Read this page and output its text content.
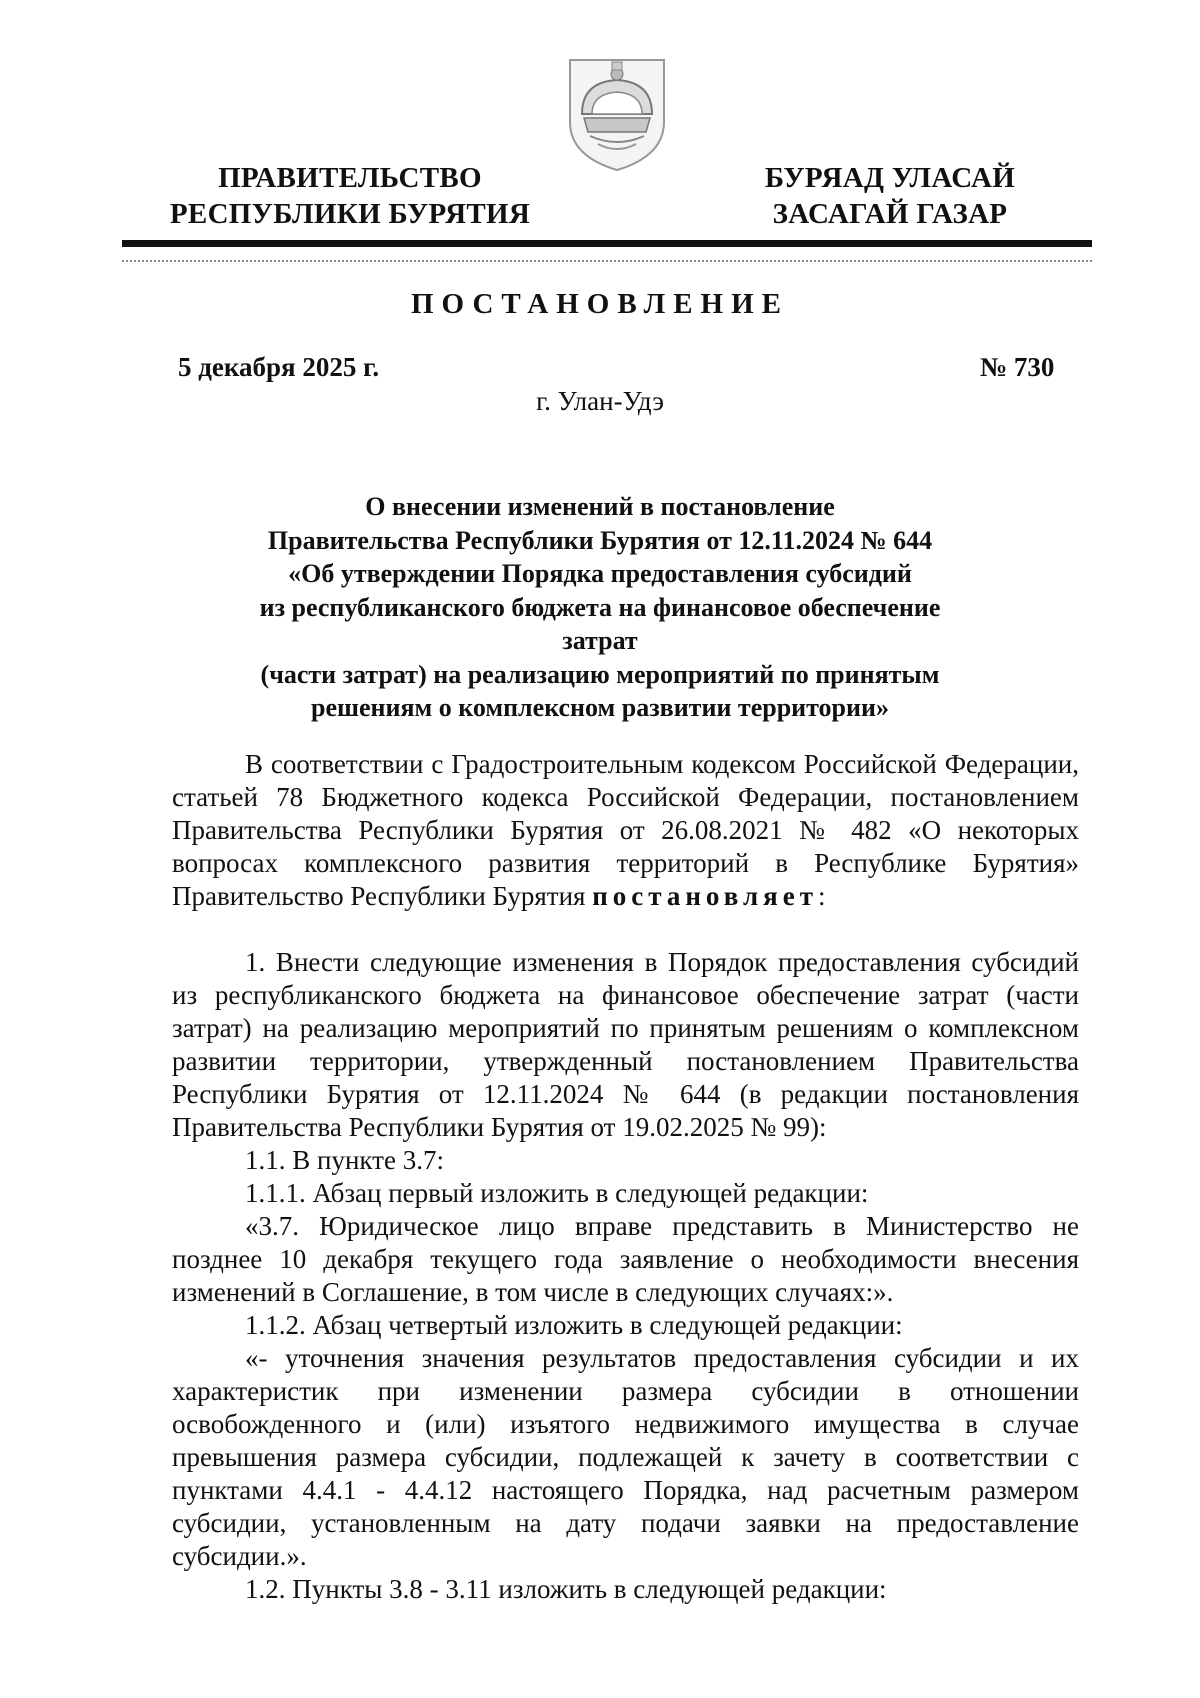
ПРАВИТЕЛЬСТВО
РЕСПУБЛИКИ БУРЯТИЯ
БУРЯАД УЛАСАЙ
ЗАСАГАЙ ГАЗАР
ПОСТАНОВЛЕНИЕ
5 декабря 2025 г.	№ 730
г. Улан-Удэ
О внесении изменений в постановление
Правительства Республики Бурятия от 12.11.2024 № 644
«Об утверждении Порядка предоставления субсидий
из республиканского бюджета на финансовое обеспечение затрат
(части затрат) на реализацию мероприятий по принятым
решениям о комплексном развитии территории»

В соответствии с Градостроительным кодексом Российской Федерации, статьей 78 Бюджетного кодекса Российской Федерации, постановлением Правительства Республики Бурятия от 26.08.2021 № 482 «О некоторых вопросах комплексного развития территорий в Республике Бурятия» Правительство Республики Бурятия постановляет:

1. Внести следующие изменения в Порядок предоставления субсидий из республиканского бюджета на финансовое обеспечение затрат (части затрат) на реализацию мероприятий по принятым решениям о комплексном развитии территории, утвержденный постановлением Правительства Республики Бурятия от 12.11.2024 № 644 (в редакции постановления Правительства Республики Бурятия от 19.02.2025 № 99):

1.1. В пункте 3.7:

1.1.1. Абзац первый изложить в следующей редакции:

«3.7. Юридическое лицо вправе представить в Министерство не позднее 10 декабря текущего года заявление о необходимости внесения изменений в Соглашение, в том числе в следующих случаях:».

1.1.2. Абзац четвертый изложить в следующей редакции:

«- уточнения значения результатов предоставления субсидии и их характеристик при изменении размера субсидии в отношении освобожденного и (или) изъятого недвижимого имущества в случае превышения размера субсидии, подлежащей к зачету в соответствии с пунктами 4.4.1 - 4.4.12 настоящего Порядка, над расчетным размером субсидии, установленным на дату подачи заявки на предоставление субсидии.».

1.2. Пункты 3.8 - 3.11 изложить в следующей редакции:
